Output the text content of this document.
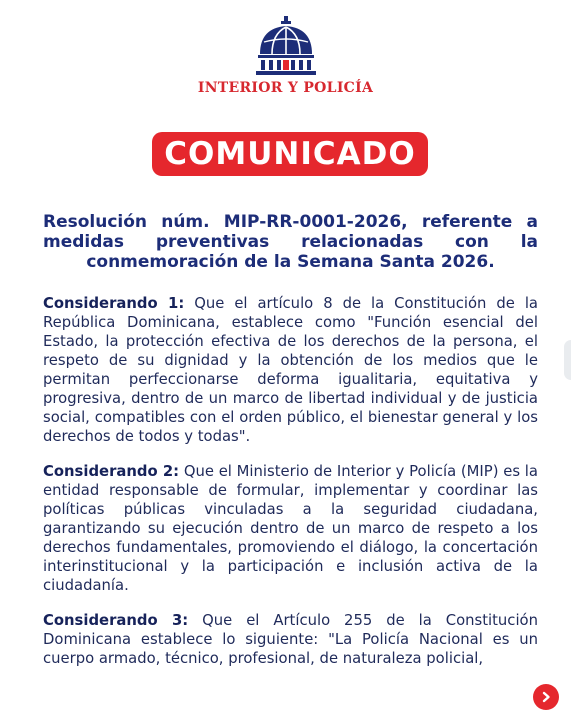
INTERIOR Y POLICÍA
COMUNICADO

Resolución núm. MIP-RR-0001-2026, referente a medidas preventivas relacionadas con la conmemoración de la Semana Santa 2026.

Considerando 1: Que el artículo 8 de la Constitución de la República Dominicana, establece como "Función esencial del Estado, la protección efectiva de los derechos de la persona, el respeto de su dignidad y la obtención de los medios que le permitan perfeccionarse deforma igualitaria, equitativa y progresiva, dentro de un marco de libertad individual y de justicia social, compatibles con el orden público, el bienestar general y los derechos de todos y todas".

Considerando 2: Que el Ministerio de Interior y Policía (MIP) es la entidad responsable de formular, implementar y coordinar las políticas públicas vinculadas a la seguridad ciudadana, garantizando su ejecución dentro de un marco de respeto a los derechos fundamentales, promoviendo el diálogo, la concertación interinstitucional y la participación e inclusión activa de la ciudadanía.

Considerando 3: Que el Artículo 255 de la Constitución Dominicana establece lo siguiente: "La Policía Nacional es un cuerpo armado, técnico, profesional, de naturaleza policial,
